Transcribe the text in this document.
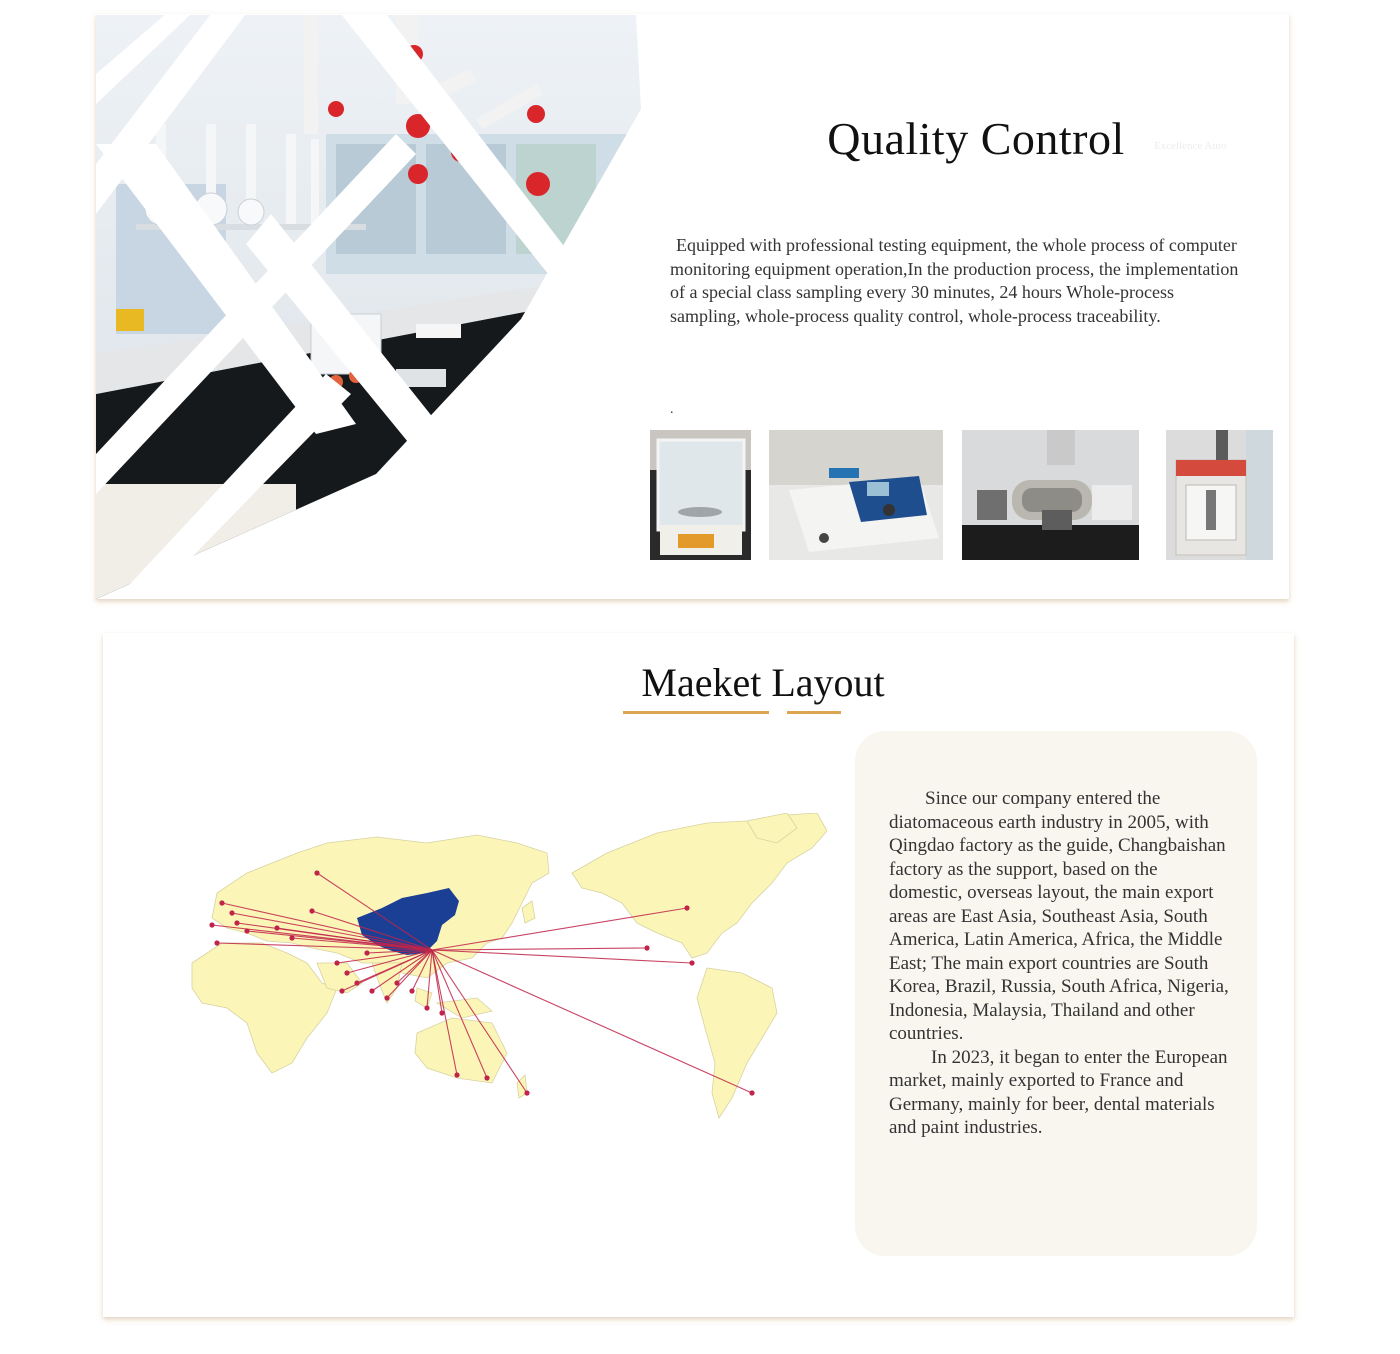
Quality Control	Excellence Auto

Equipped with professional testing equipment, the whole process of computer monitoring equipment operation,In the production process, the implementation of a special class sampling every 30 minutes, 24 hours Whole-process sampling, whole-process quality control, whole-process traceability.

.
Maeket Layout

Since our company entered the diatomaceous earth industry in 2005, with Qingdao factory as the guide, Changbaishan factory as the support, based on the domestic, overseas layout, the main export areas are East Asia, Southeast Asia, South America, Latin America, Africa, the Middle East; The main export countries are South Korea, Brazil, Russia, South Africa, Nigeria, Indonesia, Malaysia, Thailand and other countries.

In 2023, it began to enter the European market, mainly exported to France and Germany, mainly for beer, dental materials and paint industries.
